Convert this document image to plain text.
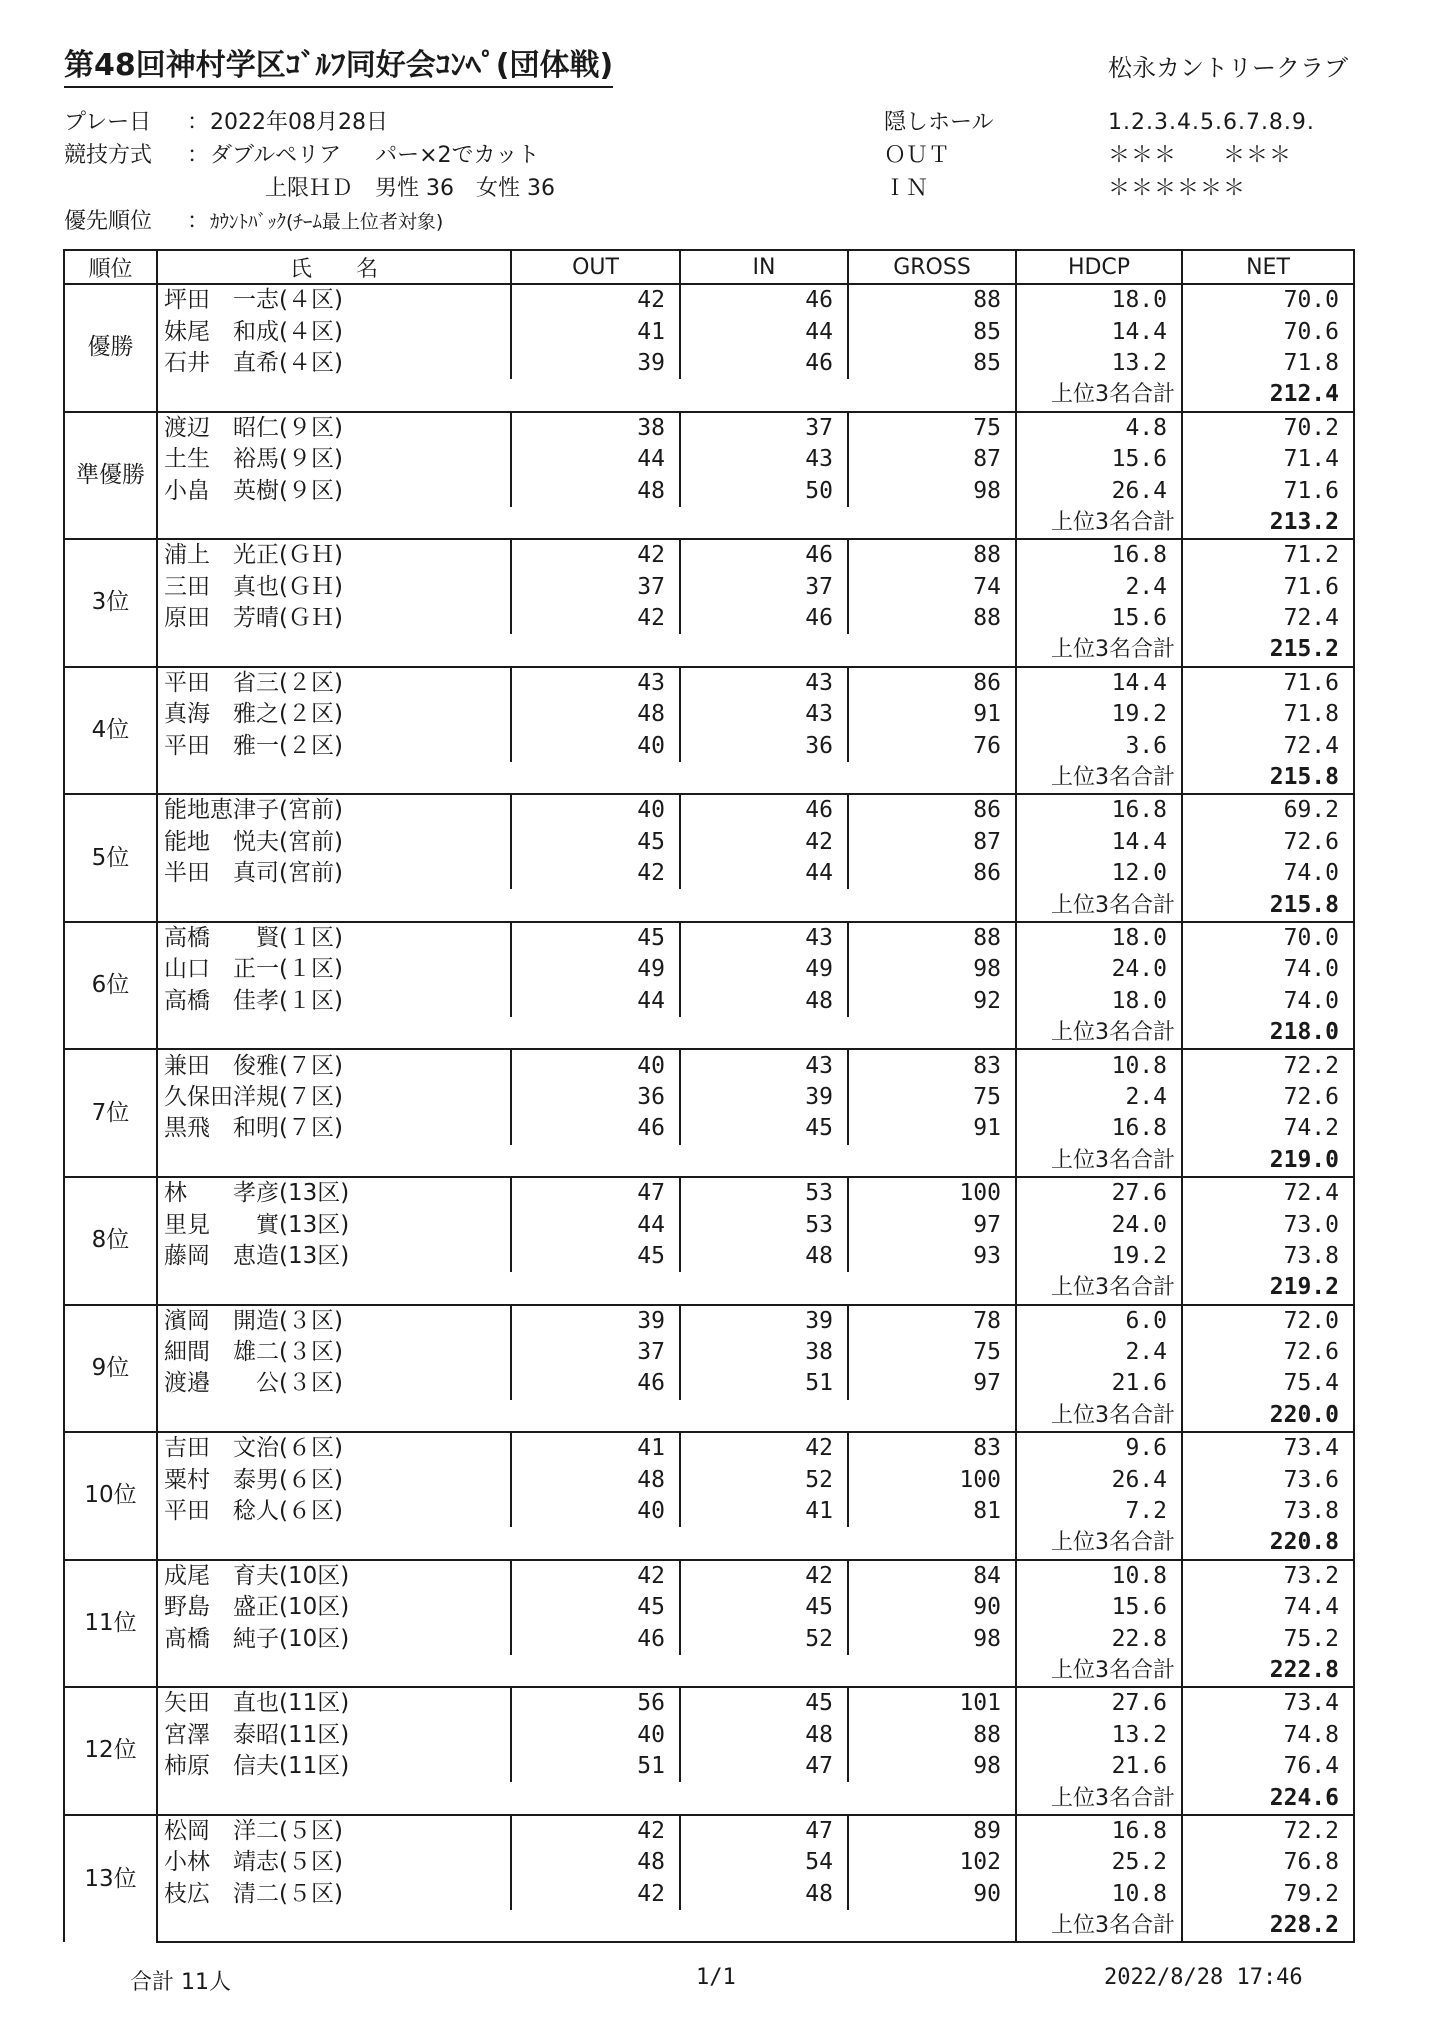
第48回神村学区ｺﾞﾙﾌ同好会ｺﾝﾍﾟ(団体戦)	松永カントリークラブ
プレー日 ：2022年08月28日
競技方式 ：ダブルペリア パー×2でカット
上限ＨＤ　男性 36　女性 36
優先順位 ：ｶｳﾝﾄﾊﾞｯｸ(ﾁｰﾑ最上位者対象)
隠しホール	1.2.3.4.5.6.7.8.9.
ＯＵＴ	＊＊＊　　＊＊＊
ＩＮ	＊＊＊＊＊＊
順位	氏　　名	OUT	IN	GROSS	HDCP	NET
優勝	坪田　一志(４区)	42	46	88	18.0	70.0
	妹尾　和成(４区)	41	44	85	14.4	70.6
	石井　直希(４区)	39	46	85	13.2	71.8
					上位3名合計	212.4
準優勝	渡辺　昭仁(９区)	38	37	75	4.8	70.2
	土生　裕馬(９区)	44	43	87	15.6	71.4
	小畠　英樹(９区)	48	50	98	26.4	71.6
					上位3名合計	213.2
3位	浦上　光正(ＧＨ)	42	46	88	16.8	71.2
	三田　真也(ＧＨ)	37	37	74	2.4	71.6
	原田　芳晴(ＧＨ)	42	46	88	15.6	72.4
					上位3名合計	215.2
4位	平田　省三(２区)	43	43	86	14.4	71.6
	真海　雅之(２区)	48	43	91	19.2	71.8
	平田　雅一(２区)	40	36	76	3.6	72.4
					上位3名合計	215.8
5位	能地恵津子(宮前)	40	46	86	16.8	69.2
	能地　悦夫(宮前)	45	42	87	14.4	72.6
	半田　真司(宮前)	42	44	86	12.0	74.0
					上位3名合計	215.8
6位	高橋　　賢(１区)	45	43	88	18.0	70.0
	山口　正一(１区)	49	49	98	24.0	74.0
	高橋　佳孝(１区)	44	48	92	18.0	74.0
					上位3名合計	218.0
7位	兼田　俊雅(７区)	40	43	83	10.8	72.2
	久保田洋規(７区)	36	39	75	2.4	72.6
	黒飛　和明(７区)	46	45	91	16.8	74.2
					上位3名合計	219.0
8位	林　　孝彦(13区)	47	53	100	27.6	72.4
	里見　　實(13区)	44	53	97	24.0	73.0
	藤岡　恵造(13区)	45	48	93	19.2	73.8
					上位3名合計	219.2
9位	濱岡　開造(３区)	39	39	78	6.0	72.0
	細間　雄二(３区)	37	38	75	2.4	72.6
	渡邉　　公(３区)	46	51	97	21.6	75.4
					上位3名合計	220.0
10位	吉田　文治(６区)	41	42	83	9.6	73.4
	粟村　泰男(６区)	48	52	100	26.4	73.6
	平田　稔人(６区)	40	41	81	7.2	73.8
					上位3名合計	220.8
11位	成尾　育夫(10区)	42	42	84	10.8	73.2
	野島　盛正(10区)	45	45	90	15.6	74.4
	髙橋　純子(10区)	46	52	98	22.8	75.2
					上位3名合計	222.8
12位	矢田　直也(11区)	56	45	101	27.6	73.4
	宮澤　泰昭(11区)	40	48	88	13.2	74.8
	柿原　信夫(11区)	51	47	98	21.6	76.4
					上位3名合計	224.6
13位	松岡　洋二(５区)	42	47	89	16.8	72.2
	小林　靖志(５区)	48	54	102	25.2	76.8
	枝広　清二(５区)	42	48	90	10.8	79.2
					上位3名合計	228.2
合計 11人	1/1	2022/8/28 17:46
